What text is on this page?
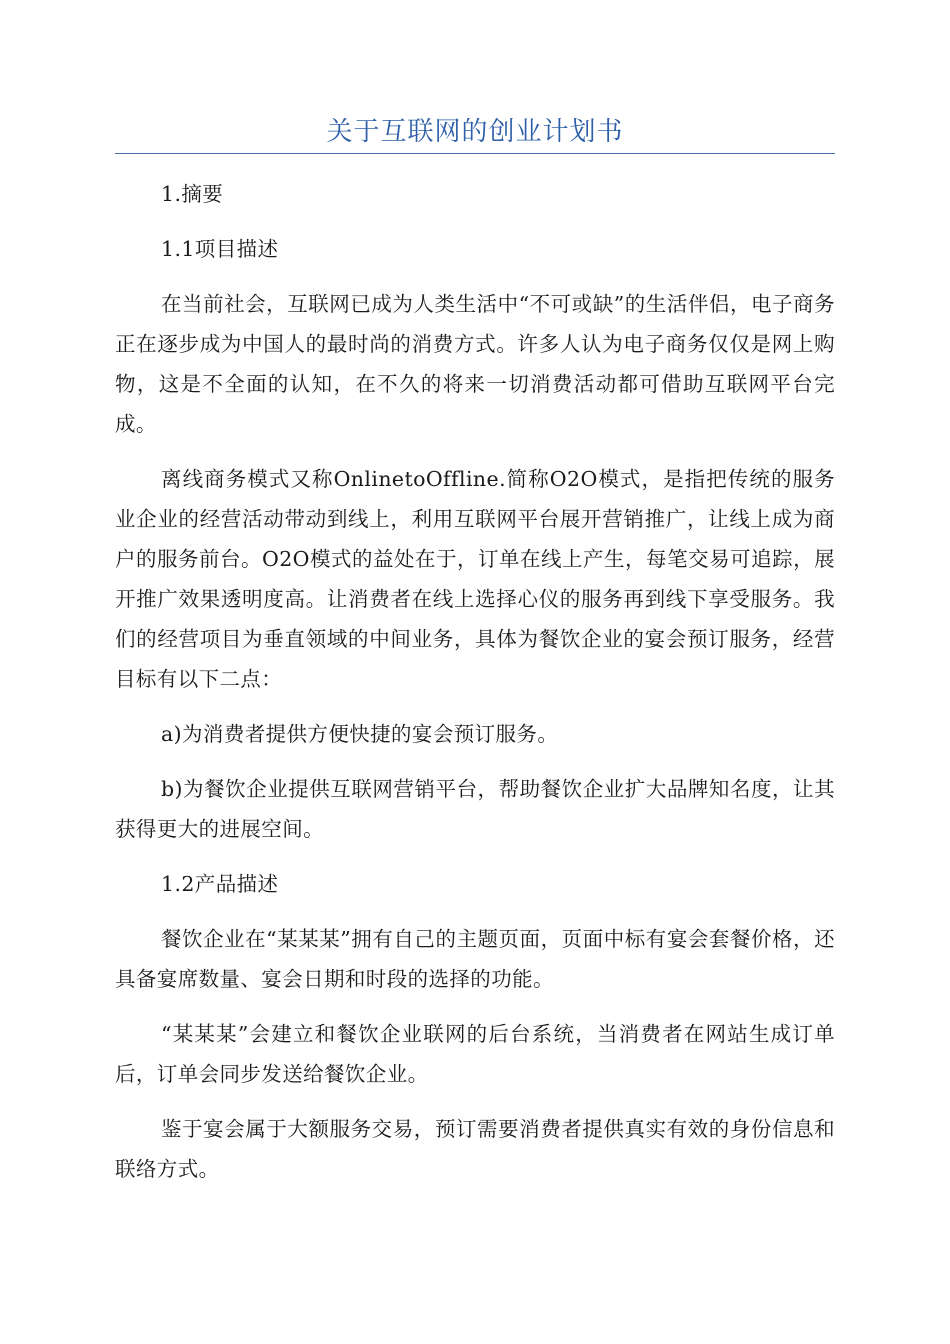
关于互联网的创业计划书

1.摘要

1.1项目描述

在当前社会，互联网已成为人类生活中“不可或缺”的生活伴侣，电子商务正在逐步成为中国人的最时尚的消费方式。许多人认为电子商务仅仅是网上购物，这是不全面的认知，在不久的将来一切消费活动都可借助互联网平台完成。

离线商务模式又称OnlinetoOffline.简称O2O模式，是指把传统的服务业企业的经营活动带动到线上，利用互联网平台展开营销推广，让线上成为商户的服务前台。O2O模式的益处在于，订单在线上产生，每笔交易可追踪，展开推广效果透明度高。让消费者在线上选择心仪的服务再到线下享受服务。我们的经营项目为垂直领域的中间业务，具体为餐饮企业的宴会预订服务，经营目标有以下二点：

a)为消费者提供方便快捷的宴会预订服务。

b)为餐饮企业提供互联网营销平台，帮助餐饮企业扩大品牌知名度，让其获得更大的进展空间。

1.2产品描述

餐饮企业在“某某某”拥有自己的主题页面，页面中标有宴会套餐价格，还具备宴席数量、宴会日期和时段的选择的功能。

“某某某”会建立和餐饮企业联网的后台系统，当消费者在网站生成订单后，订单会同步发送给餐饮企业。

鉴于宴会属于大额服务交易，预订需要消费者提供真实有效的身份信息和联络方式。
